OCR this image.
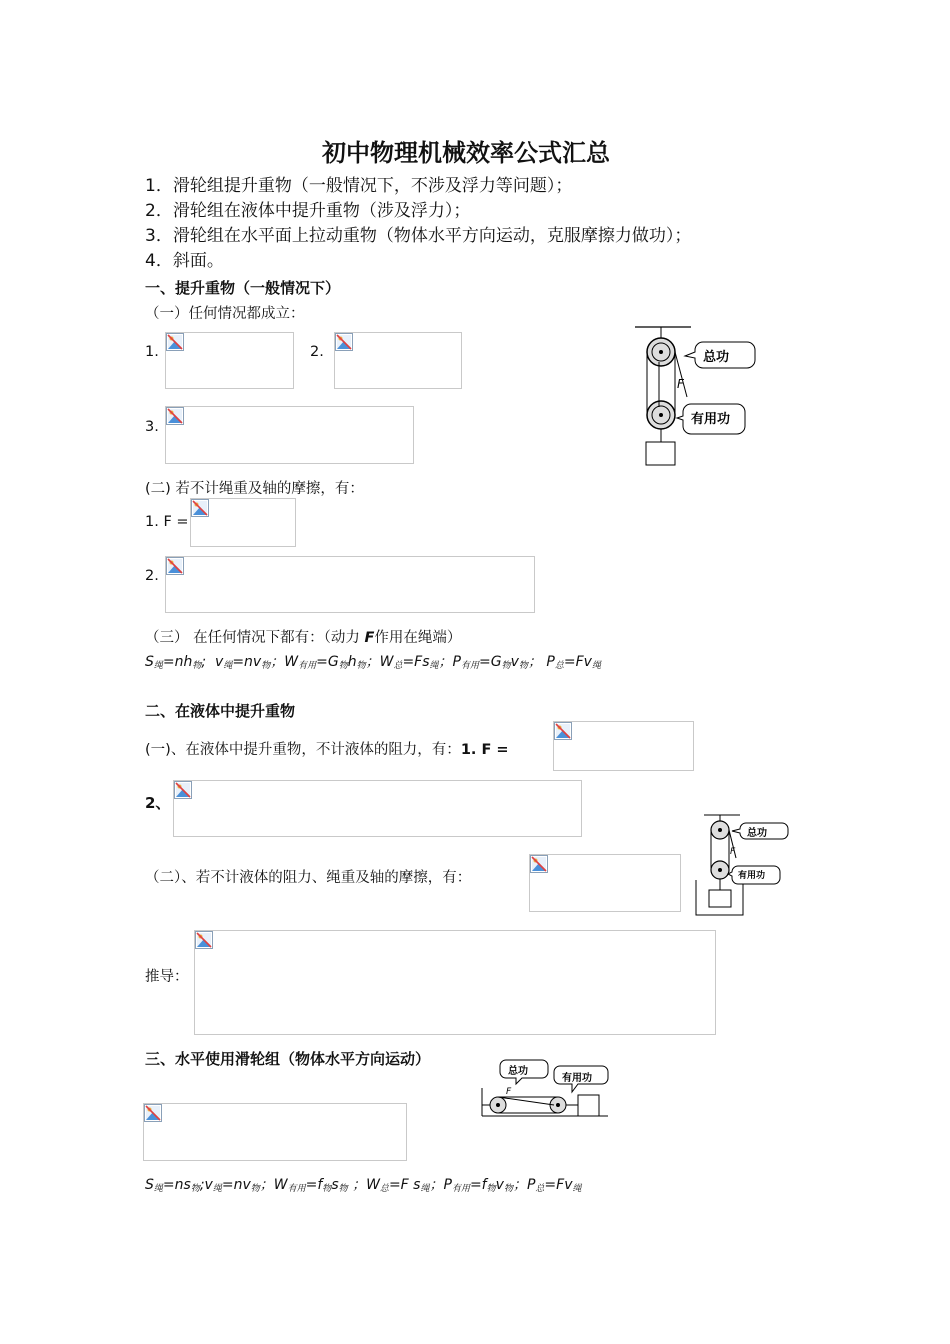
初中物理机械效率公式汇总
1．滑轮组提升重物（一般情况下，不涉及浮力等问题）；
2．滑轮组在液体中提升重物（涉及浮力）；
3．滑轮组在水平面上拉动重物（物体水平方向运动，克服摩擦力做功）；
4．斜面。
一、提升重物（一般情况下）
（一）任何情况都成立：
1.	2.
3.
(二) 若不计绳重及轴的摩擦，有：
1. F =
2.
（三） 在任何情况下都有：（动力 F作用在绳端）
$S_绳=nh_物$;  $v_绳=nv_物$；$W_{有用}=G_物h_物$；$W_总=Fs_绳$；$P_{有用}=G_物v_物$； $P_总=Fv_绳$
F
总功
有用功
二、在液体中提升重物
(一)、在液体中提升重物，不计液体的阻力，有：1. F =
2、
（二）、若不计液体的阻力、绳重及轴的摩擦，有：
推导：
F
总功
有用功
三、水平使用滑轮组（物体水平方向运动）
F
总功
有用功
$S_绳=ns_物;v_绳=nv_物$；$W_{有用}=f_物s_物$ ；$W_总=F$ $s_绳$；$P_{有用}=f_物v_物$；$P_总=Fv_绳$
